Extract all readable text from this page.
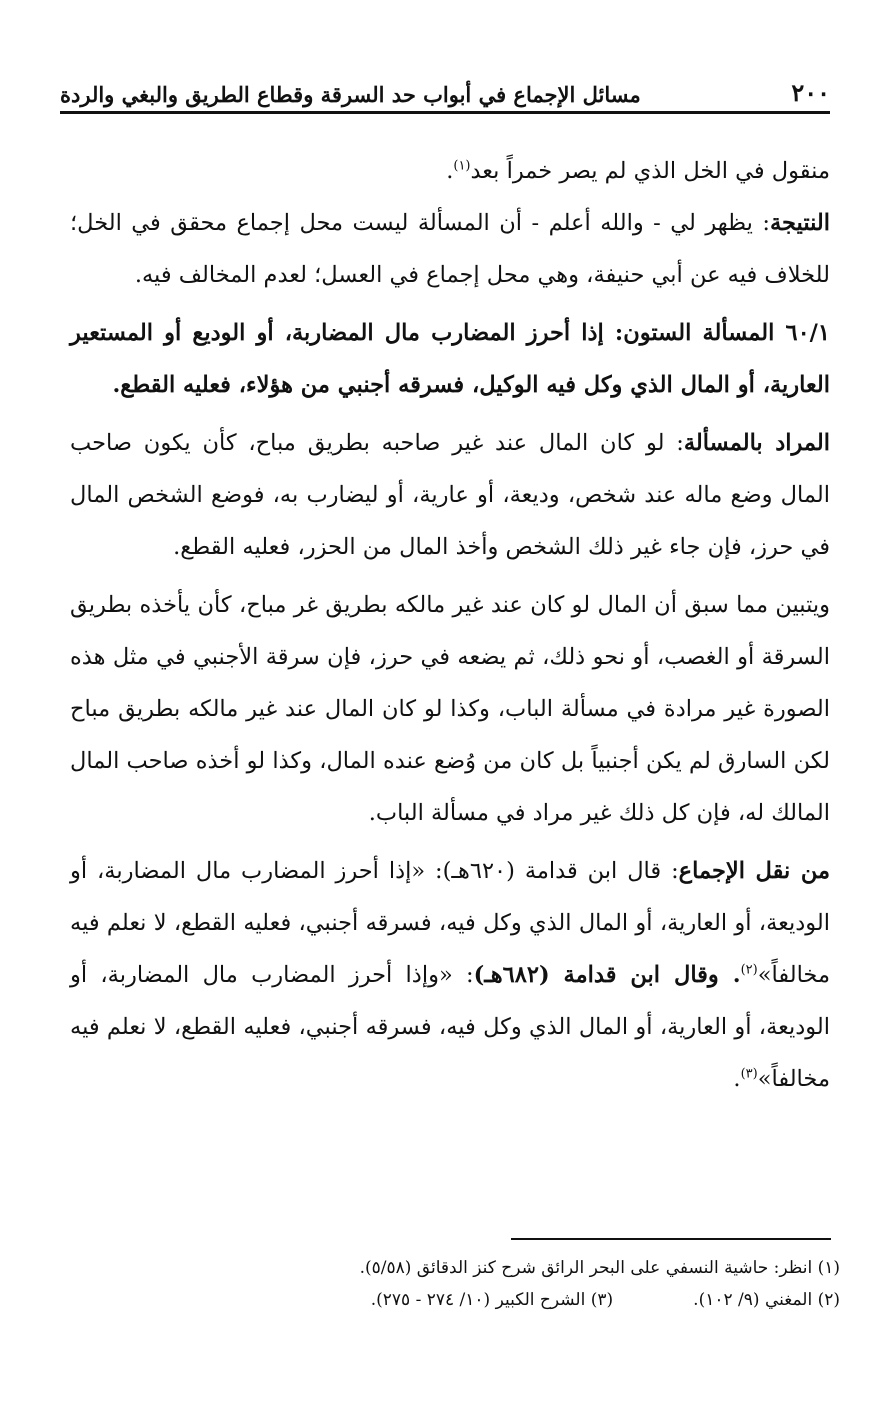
٢٠٠
مسائل الإجماع في أبواب حد السرقة وقطاع الطريق والبغي والردة

منقول في الخل الذي لم يصر خمراً بعد$^{(١)}$.

النتيجة: يظهر لي - والله أعلم - أن المسألة ليست محل إجماع محقق في الخل؛ للخلاف فيه عن أبي حنيفة، وهي محل إجماع في العسل؛ لعدم المخالف فيه.

٦٠/١ المسألة الستون: إذا أحرز المضارب مال المضاربة، أو الوديع أو المستعير العارية، أو المال الذي وكل فيه الوكيل، فسرقه أجنبي من هؤلاء، فعليه القطع.

المراد بالمسألة: لو كان المال عند غير صاحبه بطريق مباح، كأن يكون صاحب المال وضع ماله عند شخص، وديعة، أو عارية، أو ليضارب به، فوضع الشخص المال في حرز، فإن جاء غير ذلك الشخص وأخذ المال من الحزر، فعليه القطع.

ويتبين مما سبق أن المال لو كان عند غير مالكه بطريق غر مباح، كأن يأخذه بطريق السرقة أو الغصب، أو نحو ذلك، ثم يضعه في حرز، فإن سرقة الأجنبي في مثل هذه الصورة غير مرادة في مسألة الباب، وكذا لو كان المال عند غير مالكه بطريق مباح لكن السارق لم يكن أجنبياً بل كان من وُضع عنده المال، وكذا لو أخذه صاحب المال المالك له، فإن كل ذلك غير مراد في مسألة الباب.

من نقل الإجماع: قال ابن قدامة (٦٢٠هـ): «إذا أحرز المضارب مال المضاربة، أو الوديعة، أو العارية، أو المال الذي وكل فيه، فسرقه أجنبي، فعليه القطع، لا نعلم فيه مخالفاً»$^{(٢)}$. وقال ابن قدامة (٦٨٢هـ): «وإذا أحرز المضارب مال المضاربة، أو الوديعة، أو العارية، أو المال الذي وكل فيه، فسرقه أجنبي، فعليه القطع، لا نعلم فيه مخالفاً»$^{(٣)}$.

(١) انظر: حاشية النسفي على البحر الرائق شرح كنز الدقائق (٥/٥٨).
(٢) المغني (٩/ ١٠٢).
(٣) الشرح الكبير (١٠/ ٢٧٤ - ٢٧٥).
